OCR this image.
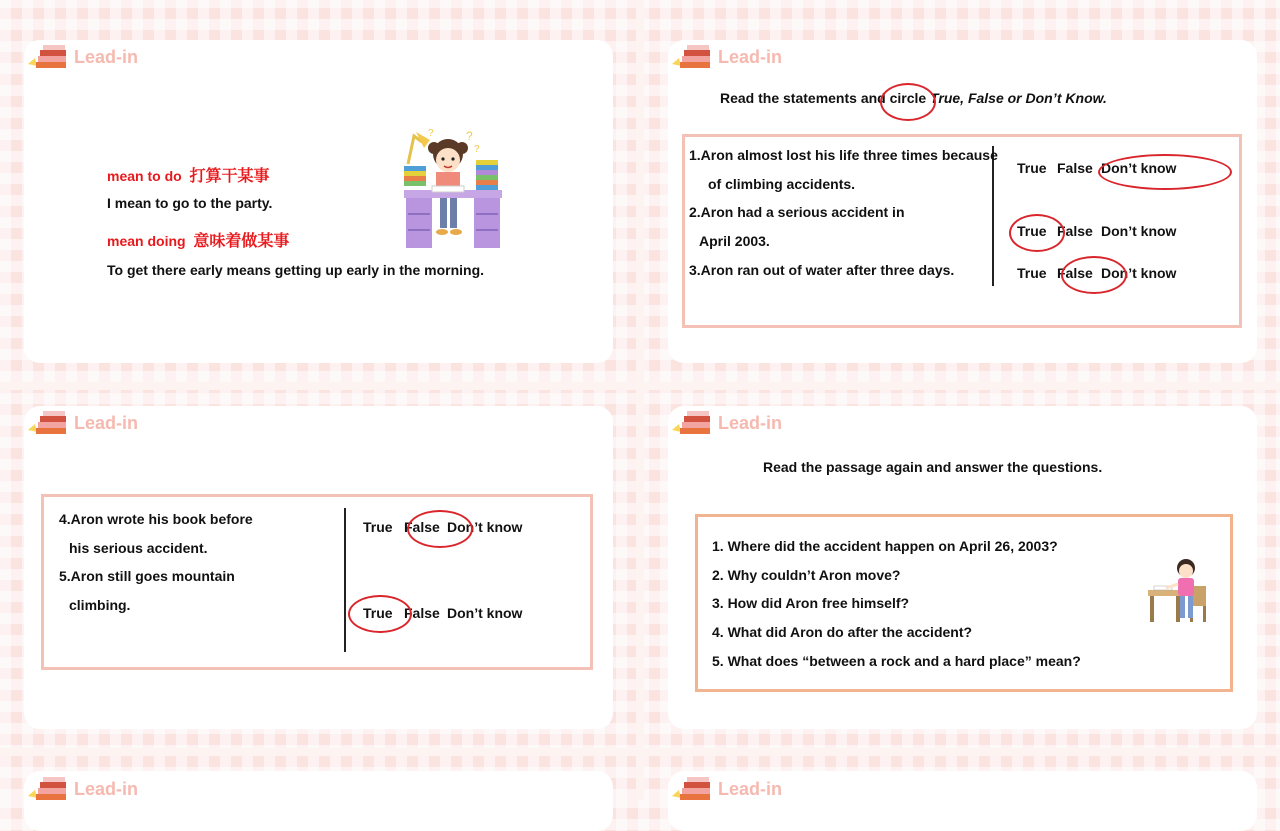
Lead-in
mean to do 打算干某事
I mean to go to the party.
mean doing 意味着做某事
To get there early means getting up early in the morning.
?
?
?
Lead-in
Read the statements and circle True, False or Don’t Know.
1.Aron almost lost his life three times because
of climbing accidents.
2.Aron had a serious accident in
April 2003.
3.Aron ran out of water after three days.
True False Don’t know
True False Don’t know
True False Don’t know
Lead-in
4.Aron wrote his book before
his serious accident.
5.Aron still goes mountain
climbing.
True False Don’t know
True False Don’t know
Lead-in
Read the passage again and answer the questions.
1. Where did the accident happen on April 26, 2003?
2. Why couldn’t Aron move?
3. How did Aron free himself?
4. What did Aron do after the accident?
5. What does “between a rock and a hard place” mean?
Lead-in	Lead-in
